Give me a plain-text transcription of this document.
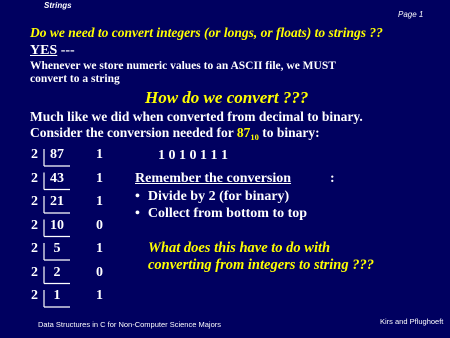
Strings
Page 1
Do we need to convert integers (or longs, or floats) to strings ??
YES ---
Whenever we store numeric values to an ASCII file, we MUST
convert to a string
How do we convert ???
Much like we did when converted from decimal to binary.
Consider the conversion needed for $87_{10}$ to binary:
2 87	1
2 43	1
2 21	1
2 10	0
2	5	1
2	2	0
2	1	1
1 0 1 0 1 1 1
Remember the conversion	:
• Divide by 2 (for binary)
• Collect from bottom to top
What does this have to do with
converting from integers to string ???
Data Structures in C for Non-Computer Science Majors	Kirs and Pflughoeft
